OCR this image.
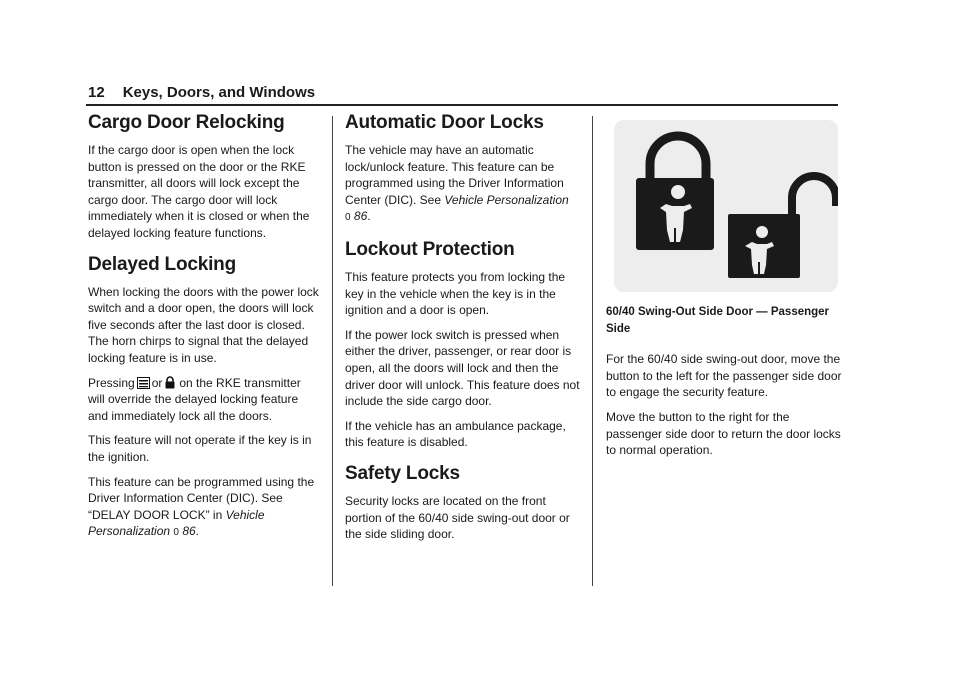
12 Keys, Doors, and Windows
Cargo Door Relocking

If the cargo door is open when the lock button is pressed on the door or the RKE transmitter, all doors will lock except the cargo door. The cargo door will lock immediately when it is closed or when the delayed locking feature functions.

Delayed Locking

When locking the doors with the power lock switch and a door open, the doors will lock five seconds after the last door is closed. The horn chirps to signal that the delayed locking feature is in use.

Pressing or on the RKE transmitter will override the delayed locking feature and immediately lock all the doors.

This feature will not operate if the key is in the ignition.

This feature can be programmed using the Driver Information Center (DIC). See “DELAY DOOR LOCK” in Vehicle Personalization 0 86.

Automatic Door Locks

The vehicle may have an automatic lock/unlock feature. This feature can be programmed using the Driver Information Center (DIC). See Vehicle Personalization
0 86.

Lockout Protection

This feature protects you from locking the key in the vehicle when the key is in the ignition and a door is open.

If the power lock switch is pressed when either the driver, passenger, or rear door is open, all the doors will lock and then the driver door will unlock. This feature does not include the side cargo door.

If the vehicle has an ambulance package, this feature is disabled.

Safety Locks

Security locks are located on the front portion of the 60/40 side swing-out door or the side sliding door.

60/40 Swing-Out Side Door — Passenger Side

For the 60/40 side swing-out door, move the button to the left for the passenger side door to engage the security feature.

Move the button to the right for the passenger side door to return the door locks to normal operation.
